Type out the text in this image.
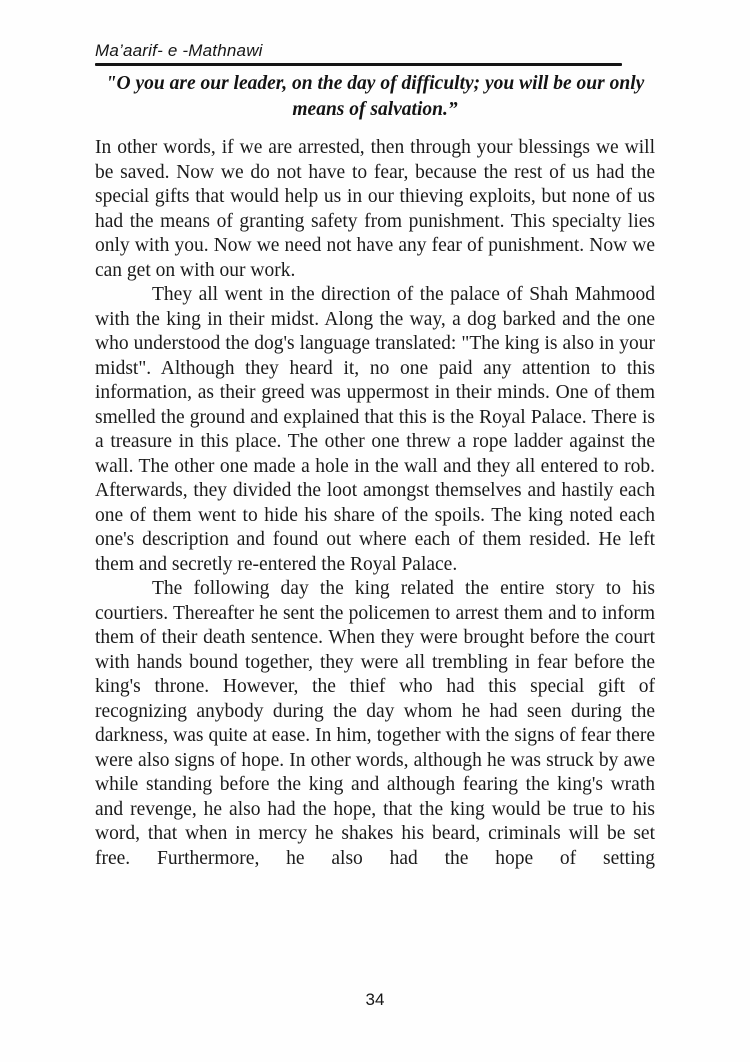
Ma’aarif- e -Mathnawi
"O you are our leader, on the day of difficulty; you will be our only means of salvation.”

In other words, if we are arrested, then through your blessings we will be saved. Now we do not have to fear, because the rest of us had the special gifts that would help us in our thieving exploits, but none of us had the means of granting safety from punishment. This specialty lies only with you. Now we need not have any fear of punishment. Now we can get on with our work.

They all went in the direction of the palace of Shah Mahmood with the king in their midst. Along the way, a dog barked and the one who understood the dog's language translated: "The king is also in your midst". Although they heard it, no one paid any attention to this information, as their greed was uppermost in their minds. One of them smelled the ground and explained that this is the Royal Palace. There is a treasure in this place. The other one threw a rope ladder against the wall. The other one made a hole in the wall and they all entered to rob. Afterwards, they divided the loot amongst themselves and hastily each one of them went to hide his share of the spoils. The king noted each one's description and found out where each of them resided. He left them and secretly re-entered the Royal Palace.

The following day the king related the entire story to his courtiers. Thereafter he sent the policemen to arrest them and to inform them of their death sentence. When they were brought before the court with hands bound together, they were all trembling in fear before the king's throne. However, the thief who had this special gift of recognizing anybody during the day whom he had seen during the darkness, was quite at ease. In him, together with the signs of fear there were also signs of hope. In other words, although he was struck by awe while standing before the king and although fearing the king's wrath and revenge, he also had the hope, that the king would be true to his word, that when in mercy he shakes his beard, criminals will be set free. Furthermore, he also had the hope of setting

34
